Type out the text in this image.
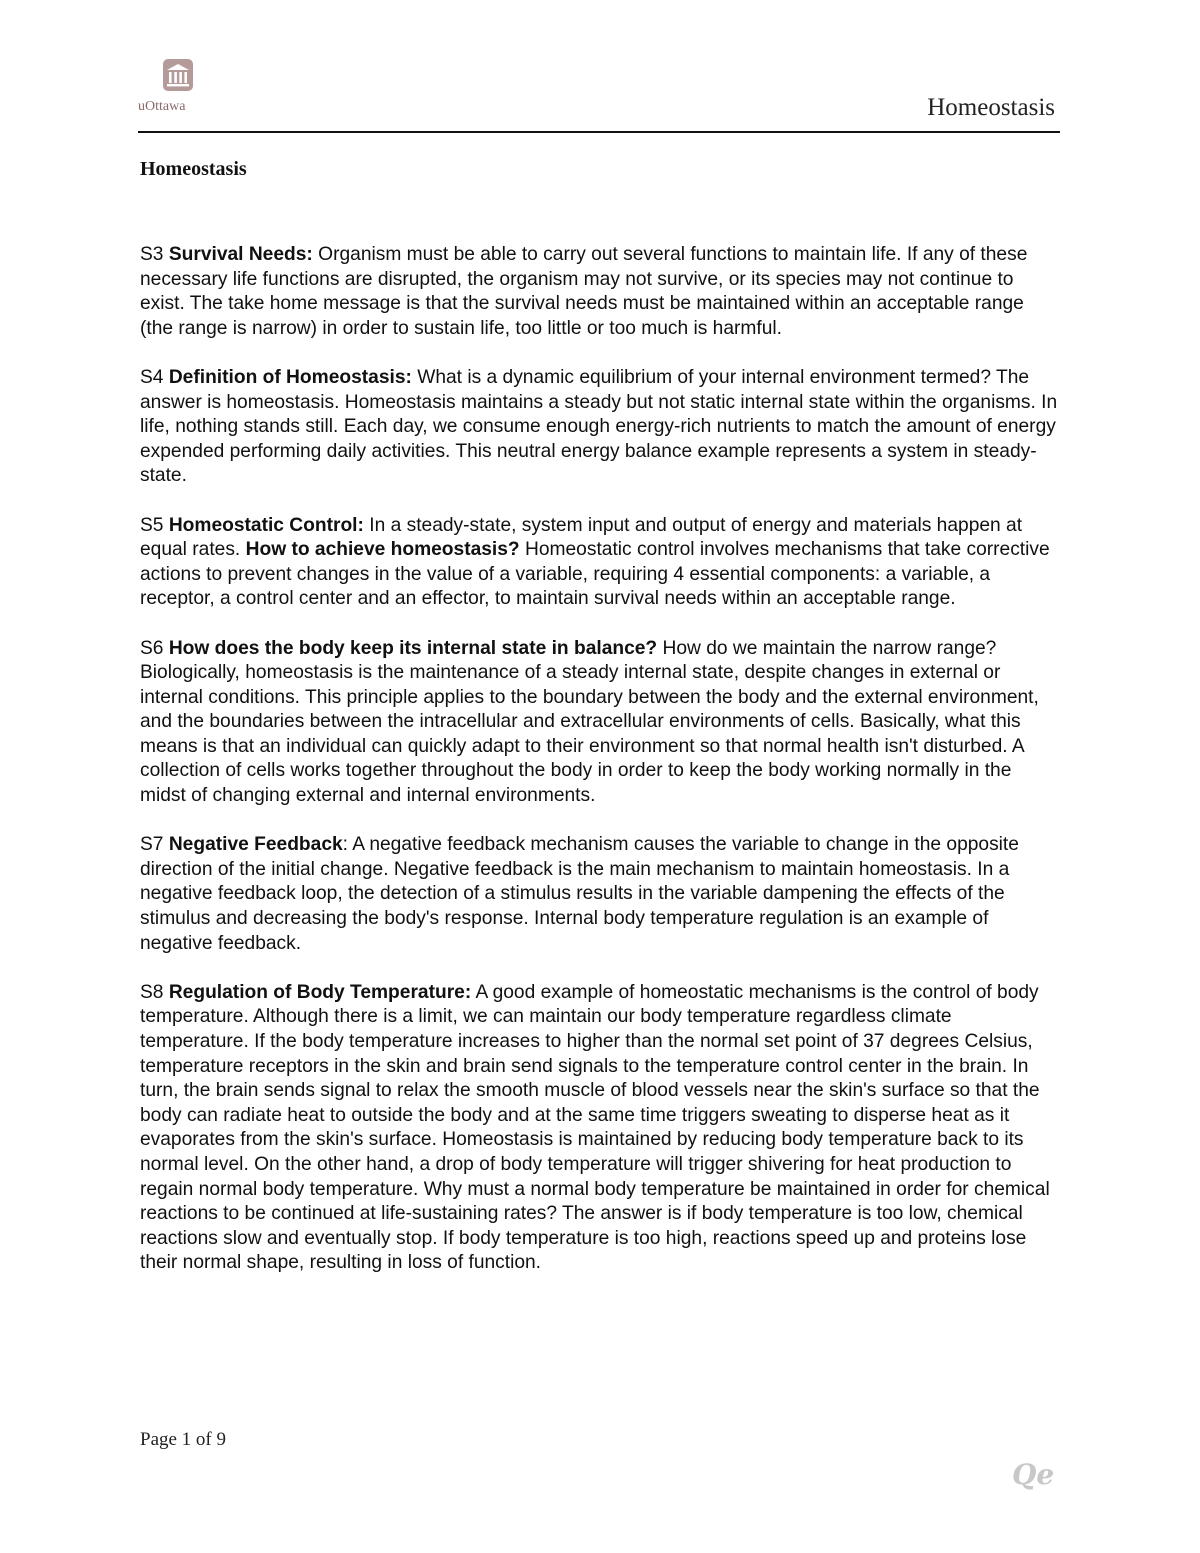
uOttawa	Homeostasis
Homeostasis

S3 Survival Needs: Organism must be able to carry out several functions to maintain life. If any of these necessary life functions are disrupted, the organism may not survive, or its species may not continue to exist. The take home message is that the survival needs must be maintained within an acceptable range (the range is narrow) in order to sustain life, too little or too much is harmful.

S4 Definition of Homeostasis: What is a dynamic equilibrium of your internal environment termed? The answer is homeostasis. Homeostasis maintains a steady but not static internal state within the organisms. In life, nothing stands still. Each day, we consume enough energy-rich nutrients to match the amount of energy expended performing daily activities. This neutral energy balance example represents a system in steady-state.

S5 Homeostatic Control: In a steady-state, system input and output of energy and materials happen at equal rates. How to achieve homeostasis? Homeostatic control involves mechanisms that take corrective actions to prevent changes in the value of a variable, requiring 4 essential components: a variable, a receptor, a control center and an effector, to maintain survival needs within an acceptable range.

S6 How does the body keep its internal state in balance? How do we maintain the narrow range? Biologically, homeostasis is the maintenance of a steady internal state, despite changes in external or internal conditions. This principle applies to the boundary between the body and the external environment, and the boundaries between the intracellular and extracellular environments of cells. Basically, what this means is that an individual can quickly adapt to their environment so that normal health isn't disturbed. A collection of cells works together throughout the body in order to keep the body working normally in the midst of changing external and internal environments.

S7 Negative Feedback: A negative feedback mechanism causes the variable to change in the opposite direction of the initial change. Negative feedback is the main mechanism to maintain homeostasis. In a negative feedback loop, the detection of a stimulus results in the variable dampening the effects of the stimulus and decreasing the body's response. Internal body temperature regulation is an example of negative feedback.

S8 Regulation of Body Temperature: A good example of homeostatic mechanisms is the control of body temperature. Although there is a limit, we can maintain our body temperature regardless climate temperature. If the body temperature increases to higher than the normal set point of 37 degrees Celsius, temperature receptors in the skin and brain send signals to the temperature control center in the brain. In turn, the brain sends signal to relax the smooth muscle of blood vessels near the skin's surface so that the body can radiate heat to outside the body and at the same time triggers sweating to disperse heat as it evaporates from the skin's surface. Homeostasis is maintained by reducing body temperature back to its normal level. On the other hand, a drop of body temperature will trigger shivering for heat production to regain normal body temperature. Why must a normal body temperature be maintained in order for chemical reactions to be continued at life-sustaining rates? The answer is if body temperature is too low, chemical reactions slow and eventually stop. If body temperature is too high, reactions speed up and proteins lose their normal shape, resulting in loss of function.

Page 1 of 9
Qe
